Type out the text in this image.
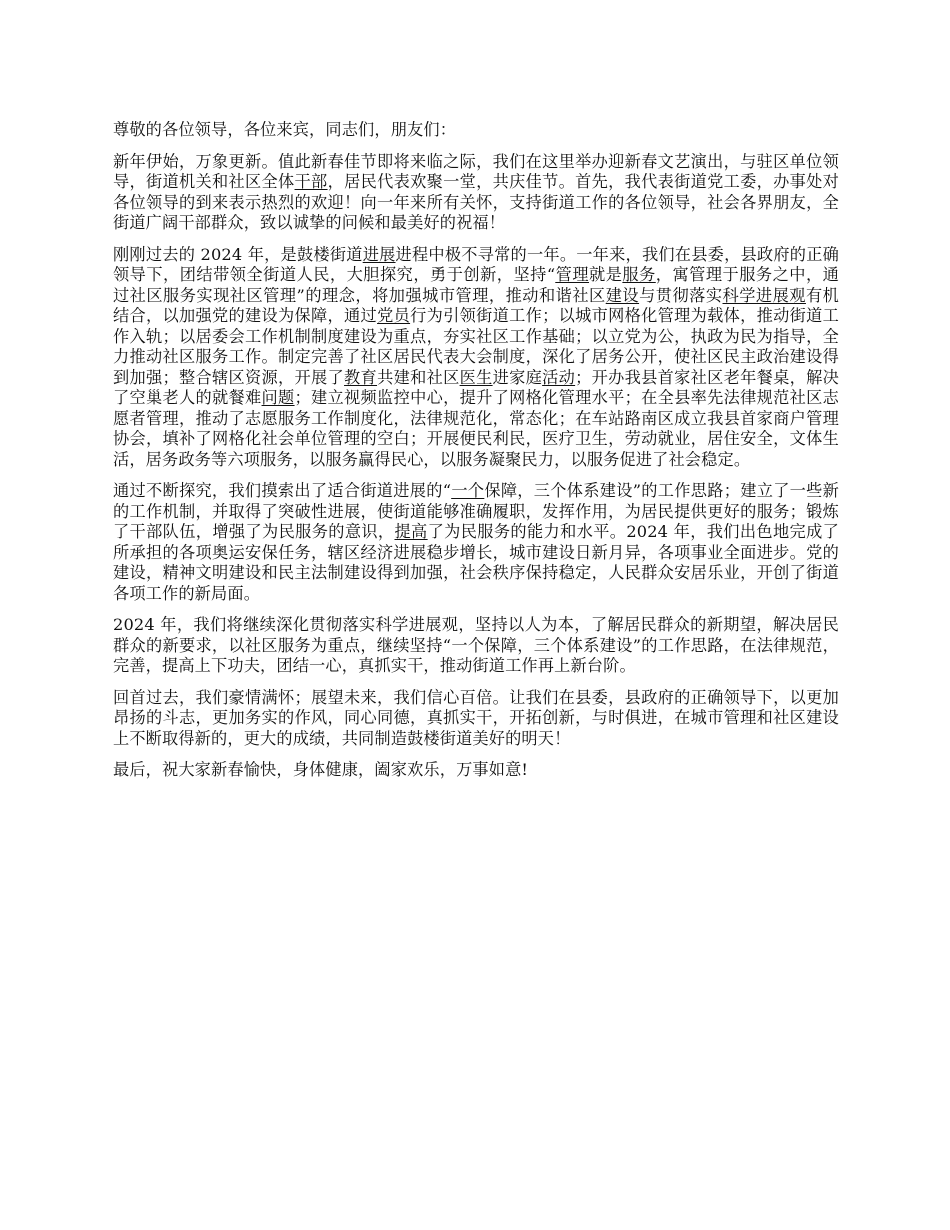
尊敬的各位领导，各位来宾，同志们，朋友们：

新年伊始，万象更新。值此新春佳节即将来临之际，我们在这里举办迎新春文艺演出，与驻区单位领导，街道机关和社区全体干部，居民代表欢聚一堂，共庆佳节。首先，我代表街道党工委，办事处对各位领导的到来表示热烈的欢迎！向一年来所有关怀，支持街道工作的各位领导，社会各界朋友，全街道广阔干部群众，致以诚挚的问候和最美好的祝福！

刚刚过去的 2024 年，是鼓楼街道进展进程中极不寻常的一年。一年来，我们在县委，县政府的正确领导下，团结带领全街道人民，大胆探究，勇于创新，坚持“管理就是服务，寓管理于服务之中，通过社区服务实现社区管理”的理念，将加强城市管理，推动和谐社区建设与贯彻落实科学进展观有机结合，以加强党的建设为保障，通过党员行为引领街道工作；以城市网格化管理为载体，推动街道工作入轨；以居委会工作机制制度建设为重点，夯实社区工作基础；以立党为公，执政为民为指导，全力推动社区服务工作。制定完善了社区居民代表大会制度，深化了居务公开，使社区民主政治建设得到加强；整合辖区资源，开展了教育共建和社区医生进家庭活动；开办我县首家社区老年餐桌，解决了空巢老人的就餐难问题；建立视频监控中心，提升了网格化管理水平；在全县率先法律规范社区志愿者管理，推动了志愿服务工作制度化，法律规范化，常态化；在车站路南区成立我县首家商户管理协会，填补了网格化社会单位管理的空白；开展便民利民，医疗卫生，劳动就业，居住安全，文体生活，居务政务等六项服务，以服务赢得民心，以服务凝聚民力，以服务促进了社会稳定。

通过不断探究，我们摸索出了适合街道进展的“一个保障，三个体系建设”的工作思路；建立了一些新的工作机制，并取得了突破性进展，使街道能够准确履职，发挥作用，为居民提供更好的服务；锻炼了干部队伍，增强了为民服务的意识，提高了为民服务的能力和水平。2024 年，我们出色地完成了所承担的各项奥运安保任务，辖区经济进展稳步增长，城市建设日新月异，各项事业全面进步。党的建设，精神文明建设和民主法制建设得到加强，社会秩序保持稳定，人民群众安居乐业，开创了街道各项工作的新局面。

2024 年，我们将继续深化贯彻落实科学进展观，坚持以人为本，了解居民群众的新期望，解决居民群众的新要求，以社区服务为重点，继续坚持“一个保障，三个体系建设”的工作思路，在法律规范，完善，提高上下功夫，团结一心，真抓实干，推动街道工作再上新台阶。

回首过去，我们豪情满怀；展望未来，我们信心百倍。让我们在县委，县政府的正确领导下，以更加昂扬的斗志，更加务实的作风，同心同德，真抓实干，开拓创新，与时俱进，在城市管理和社区建设上不断取得新的，更大的成绩，共同制造鼓楼街道美好的明天！

最后，祝大家新春愉快，身体健康，阖家欢乐，万事如意!
